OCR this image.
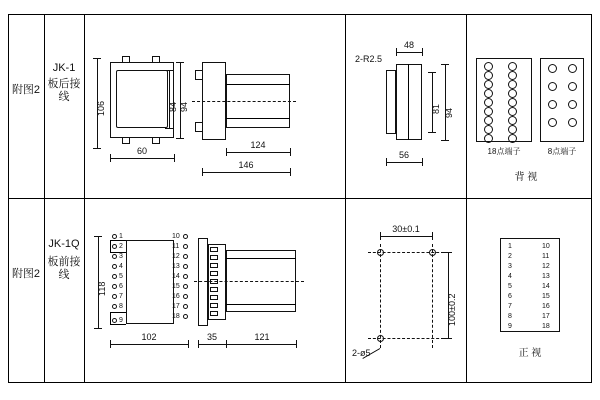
附图2
JK-1
板后接线
106	94
84
60
124
146
2-R2.5
48
94
81
56	18点端子	8点端子
背 视
附图2
JK-1Q
板前接线
1
2
3
4
5
6
7
8
9
10
11
12
13
14
15
16
17
18
118
102	35	121
30±0.1
100±0.2
2-ø5
1
2
3
4
5
6
7
8
9
10
11
12
13
14
15
16
17
18
正 视
